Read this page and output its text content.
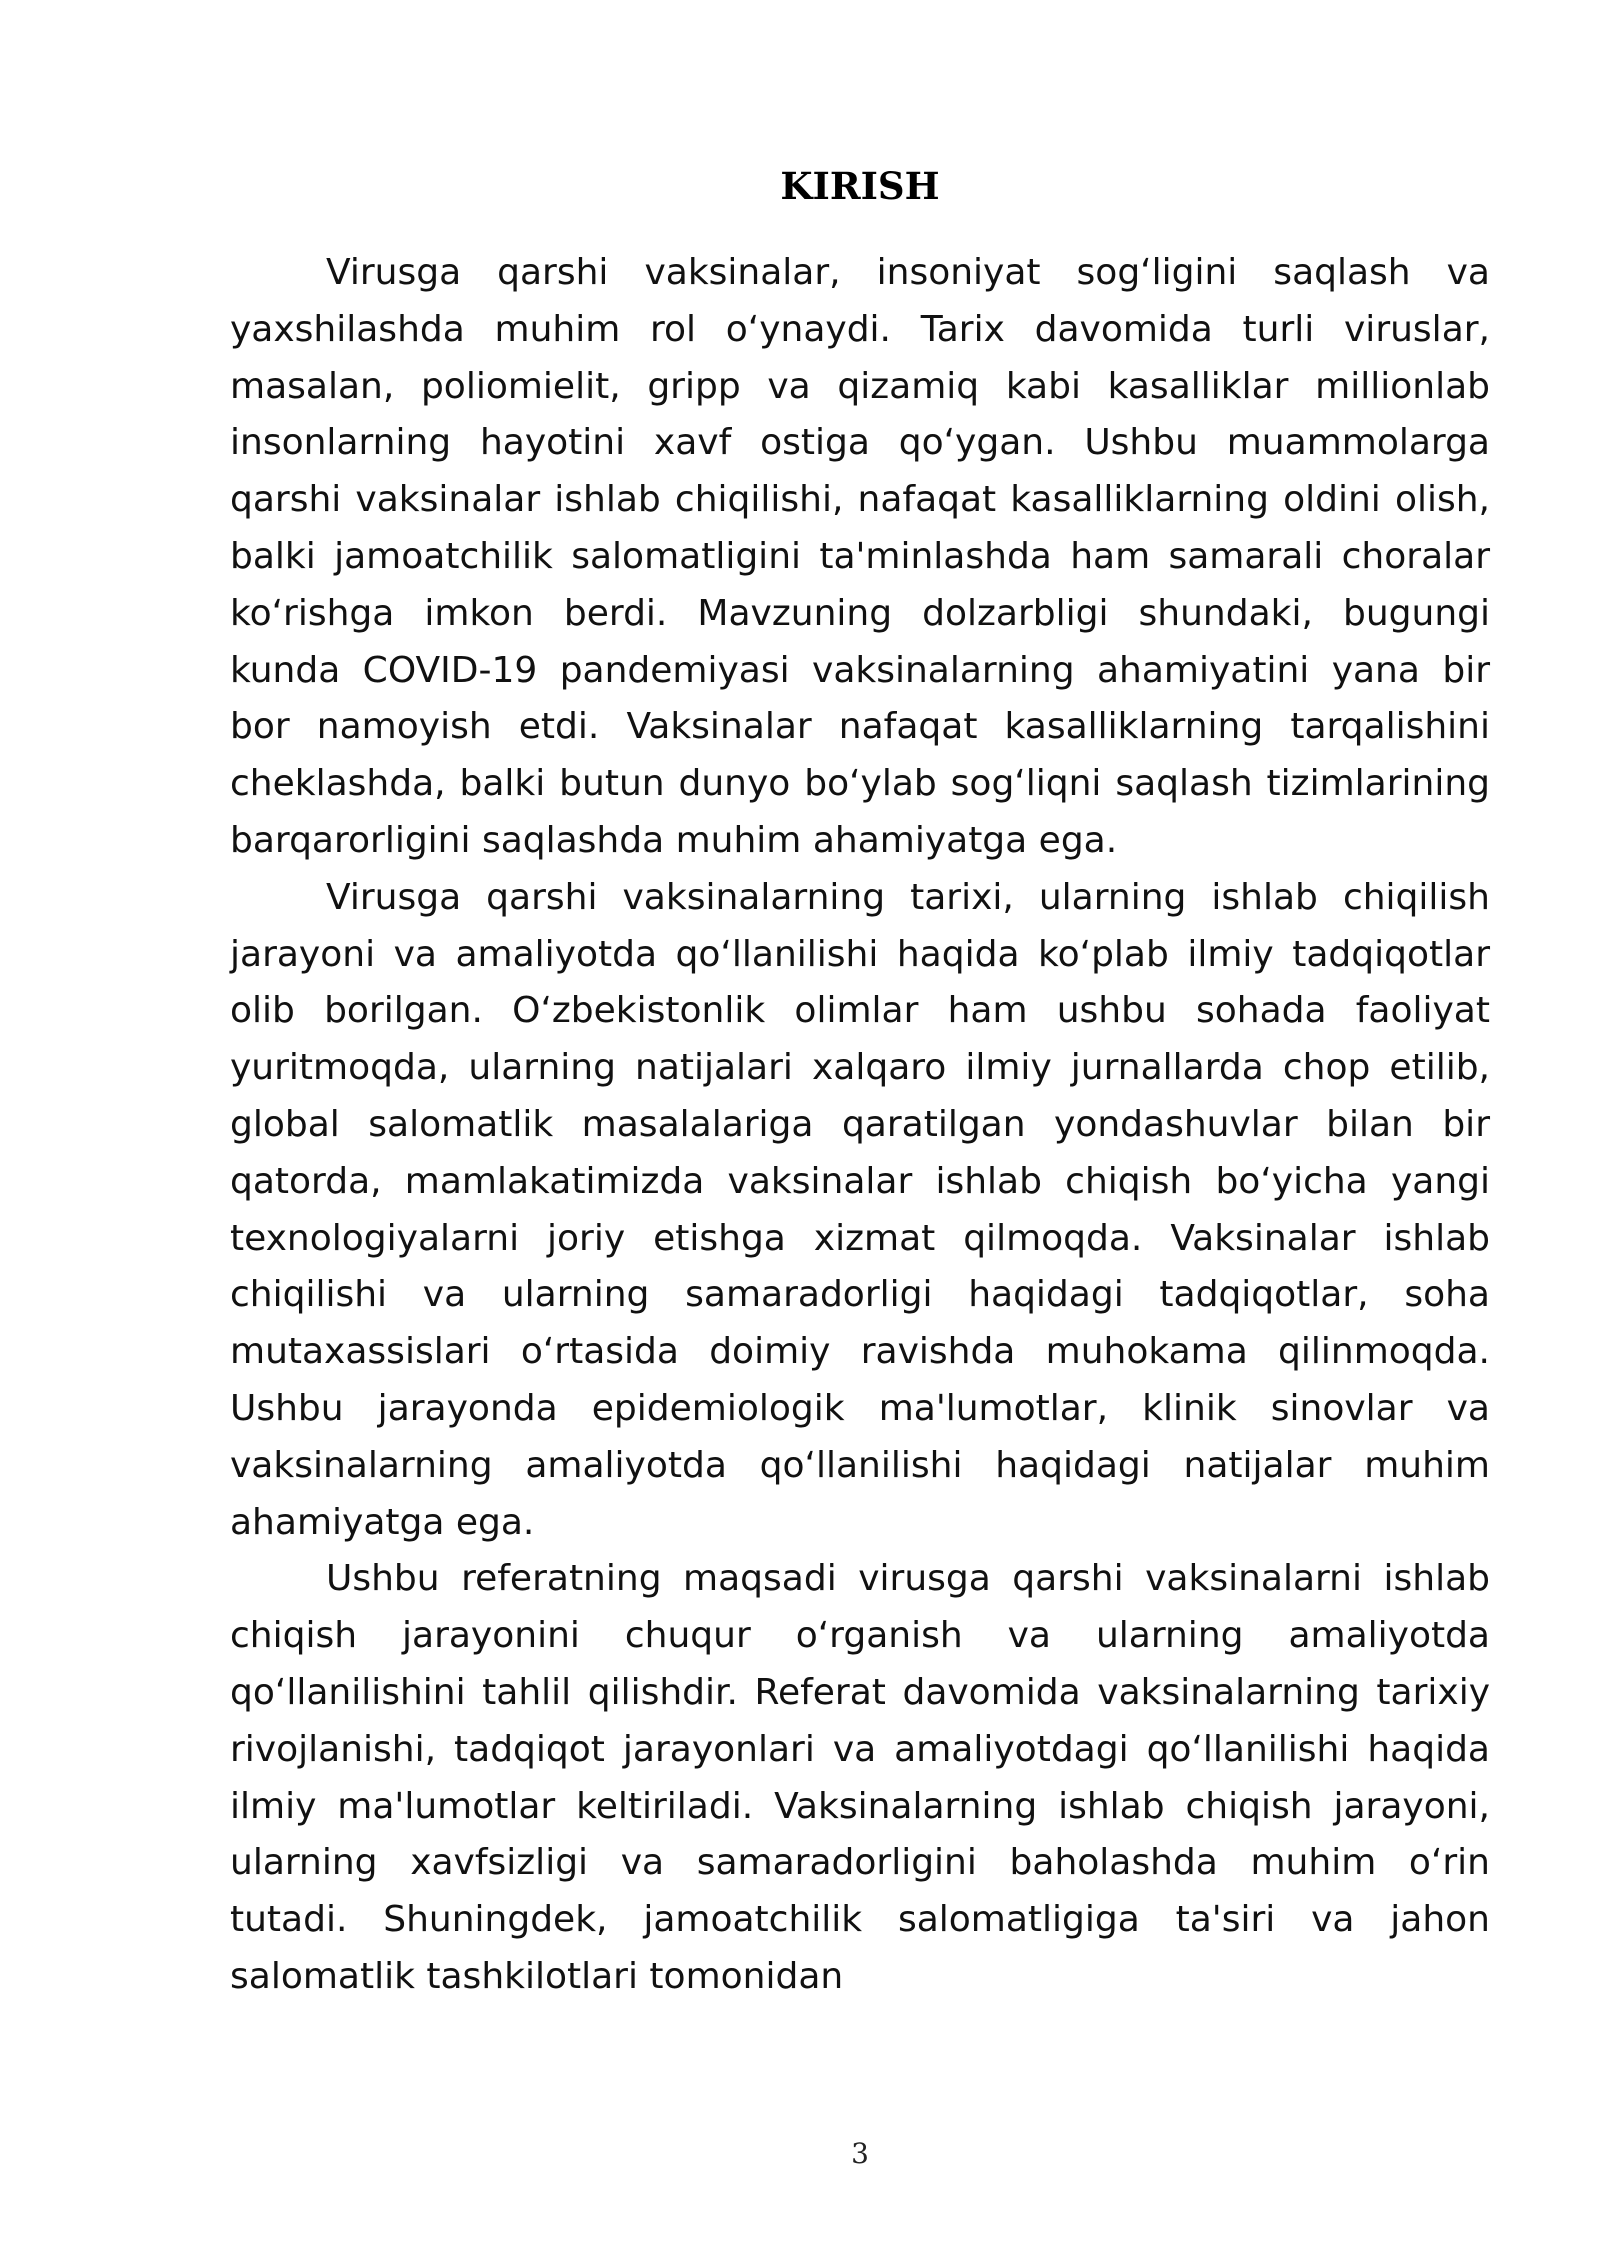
KIRISH

Virusga qarshi vaksinalar, insoniyat sog‘ligini saqlash va yaxshilashda muhim rol o‘ynaydi. Tarix davomida turli viruslar, masalan, poliomielit, gripp va qizamiq kabi kasalliklar millionlab insonlarning hayotini xavf ostiga qo‘ygan. Ushbu muammolarga qarshi vaksinalar ishlab chiqilishi, nafaqat kasalliklarning oldini olish, balki jamoatchilik salomatligini ta'minlashda ham samarali choralar ko‘rishga imkon berdi. Mavzuning dolzarbligi shundaki, bugungi kunda COVID-19 pandemiyasi vaksinalarning ahamiyatini yana bir bor namoyish etdi. Vaksinalar nafaqat kasalliklarning tarqalishini cheklashda, balki butun dunyo bo‘ylab sog‘liqni saqlash tizimlarining barqarorligini saqlashda muhim ahamiyatga ega.

Virusga qarshi vaksinalarning tarixi, ularning ishlab chiqilish jarayoni va amaliyotda qo‘llanilishi haqida ko‘plab ilmiy tadqiqotlar olib borilgan. O‘zbekistonlik olimlar ham ushbu sohada faoliyat yuritmoqda, ularning natijalari xalqaro ilmiy jurnallarda chop etilib, global salomatlik masalalariga qaratilgan yondashuvlar bilan bir qatorda, mamlakatimizda vaksinalar ishlab chiqish bo‘yicha yangi texnologiyalarni joriy etishga xizmat qilmoqda. Vaksinalar ishlab chiqilishi va ularning samaradorligi haqidagi tadqiqotlar, soha mutaxassislari o‘rtasida doimiy ravishda muhokama qilinmoqda. Ushbu jarayonda epidemiologik ma'lumotlar, klinik sinovlar va vaksinalarning amaliyotda qo‘llanilishi haqidagi natijalar muhim ahamiyatga ega.

Ushbu referatning maqsadi virusga qarshi vaksinalarni ishlab chiqish jarayonini chuqur o‘rganish va ularning amaliyotda qo‘llanilishini tahlil qilishdir. Referat davomida vaksinalarning tarixiy rivojlanishi, tadqiqot jarayonlari va amaliyotdagi qo‘llanilishi haqida ilmiy ma'lumotlar keltiriladi. Vaksinalarning ishlab chiqish jarayoni, ularning xavfsizligi va samaradorligini baholashda muhim o‘rin tutadi. Shuningdek, jamoatchilik salomatligiga ta'siri va jahon salomatlik tashkilotlari tomonidan

3
